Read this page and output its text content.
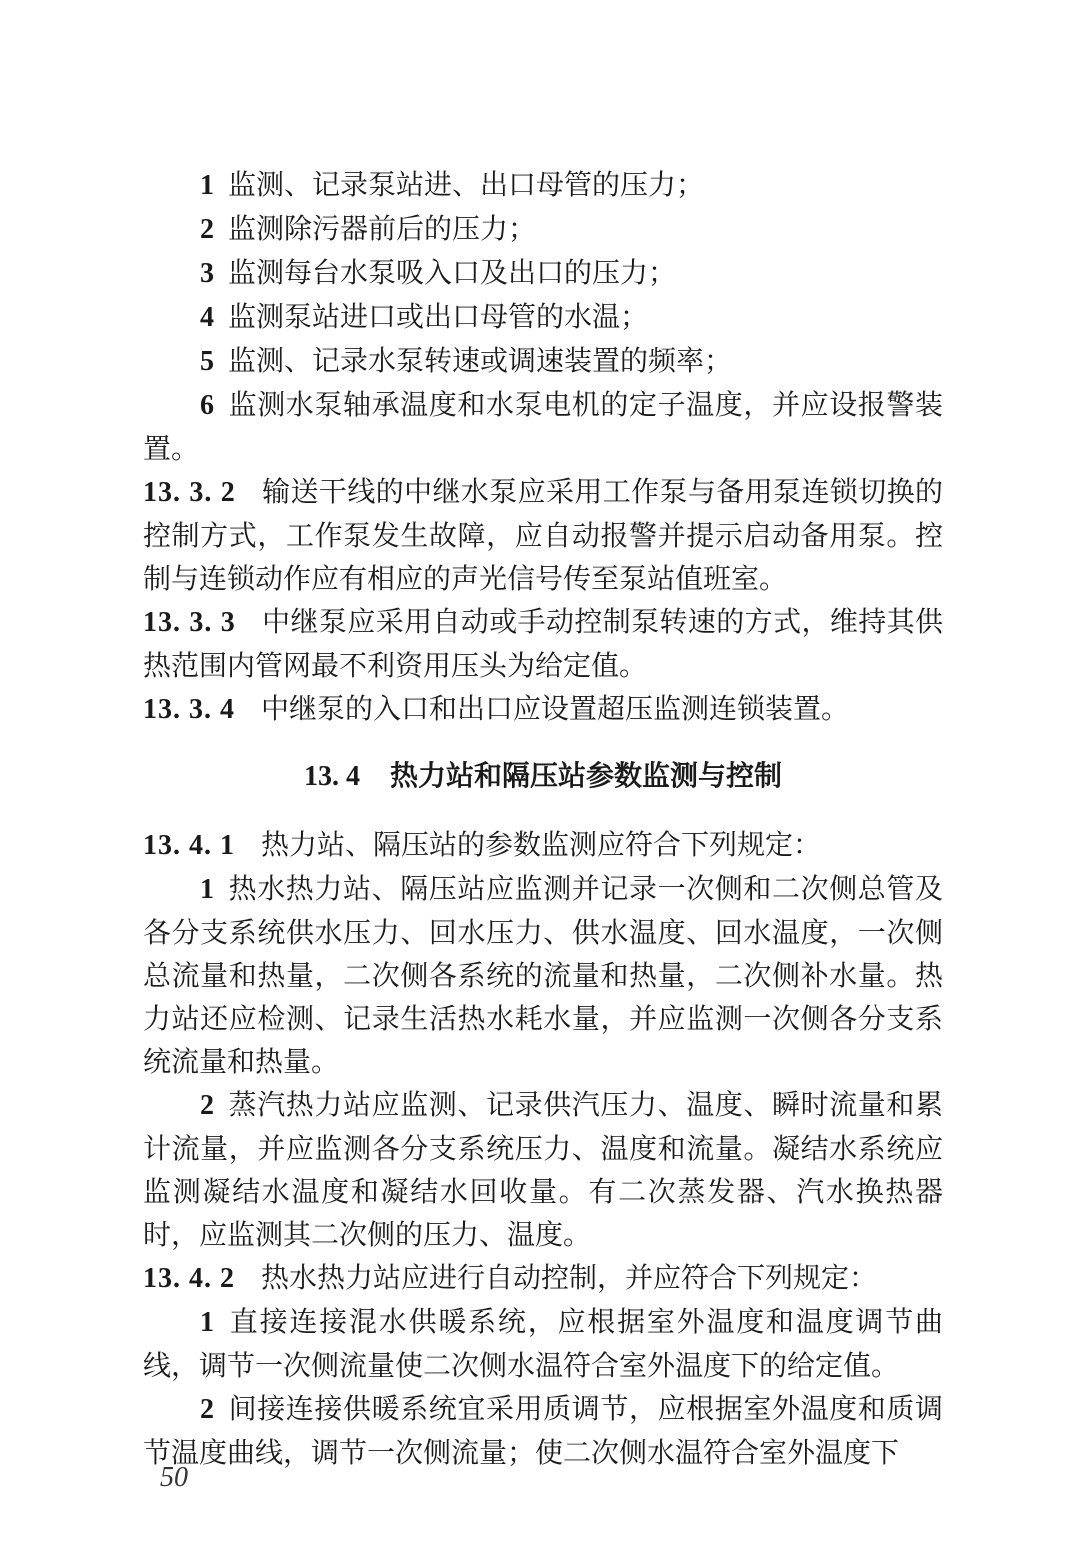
1 监测、记录泵站进、出口母管的压力；

2 监测除污器前后的压力；

3 监测每台水泵吸入口及出口的压力；

4 监测泵站进口或出口母管的水温；

5 监测、记录水泵转速或调速装置的频率；

6 监测水泵轴承温度和水泵电机的定子温度，并应设报警装置。

13. 3. 2 输送干线的中继水泵应采用工作泵与备用泵连锁切换的控制方式，工作泵发生故障，应自动报警并提示启动备用泵。控制与连锁动作应有相应的声光信号传至泵站值班室。

13. 3. 3 中继泵应采用自动或手动控制泵转速的方式，维持其供热范围内管网最不利资用压头为给定值。

13. 3. 4 中继泵的入口和出口应设置超压监测连锁装置。

13. 4 热力站和隔压站参数监测与控制

13. 4. 1 热力站、隔压站的参数监测应符合下列规定：

1 热水热力站、隔压站应监测并记录一次侧和二次侧总管及各分支系统供水压力、回水压力、供水温度、回水温度，一次侧总流量和热量，二次侧各系统的流量和热量，二次侧补水量。热力站还应检测、记录生活热水耗水量，并应监测一次侧各分支系统流量和热量。

2 蒸汽热力站应监测、记录供汽压力、温度、瞬时流量和累计流量，并应监测各分支系统压力、温度和流量。凝结水系统应监测凝结水温度和凝结水回收量。有二次蒸发器、汽水换热器时，应监测其二次侧的压力、温度。

13. 4. 2 热水热力站应进行自动控制，并应符合下列规定：

1 直接连接混水供暖系统，应根据室外温度和温度调节曲线，调节一次侧流量使二次侧水温符合室外温度下的给定值。

2 间接连接供暖系统宜采用质调节，应根据室外温度和质调节温度曲线，调节一次侧流量；使二次侧水温符合室外温度下

50
